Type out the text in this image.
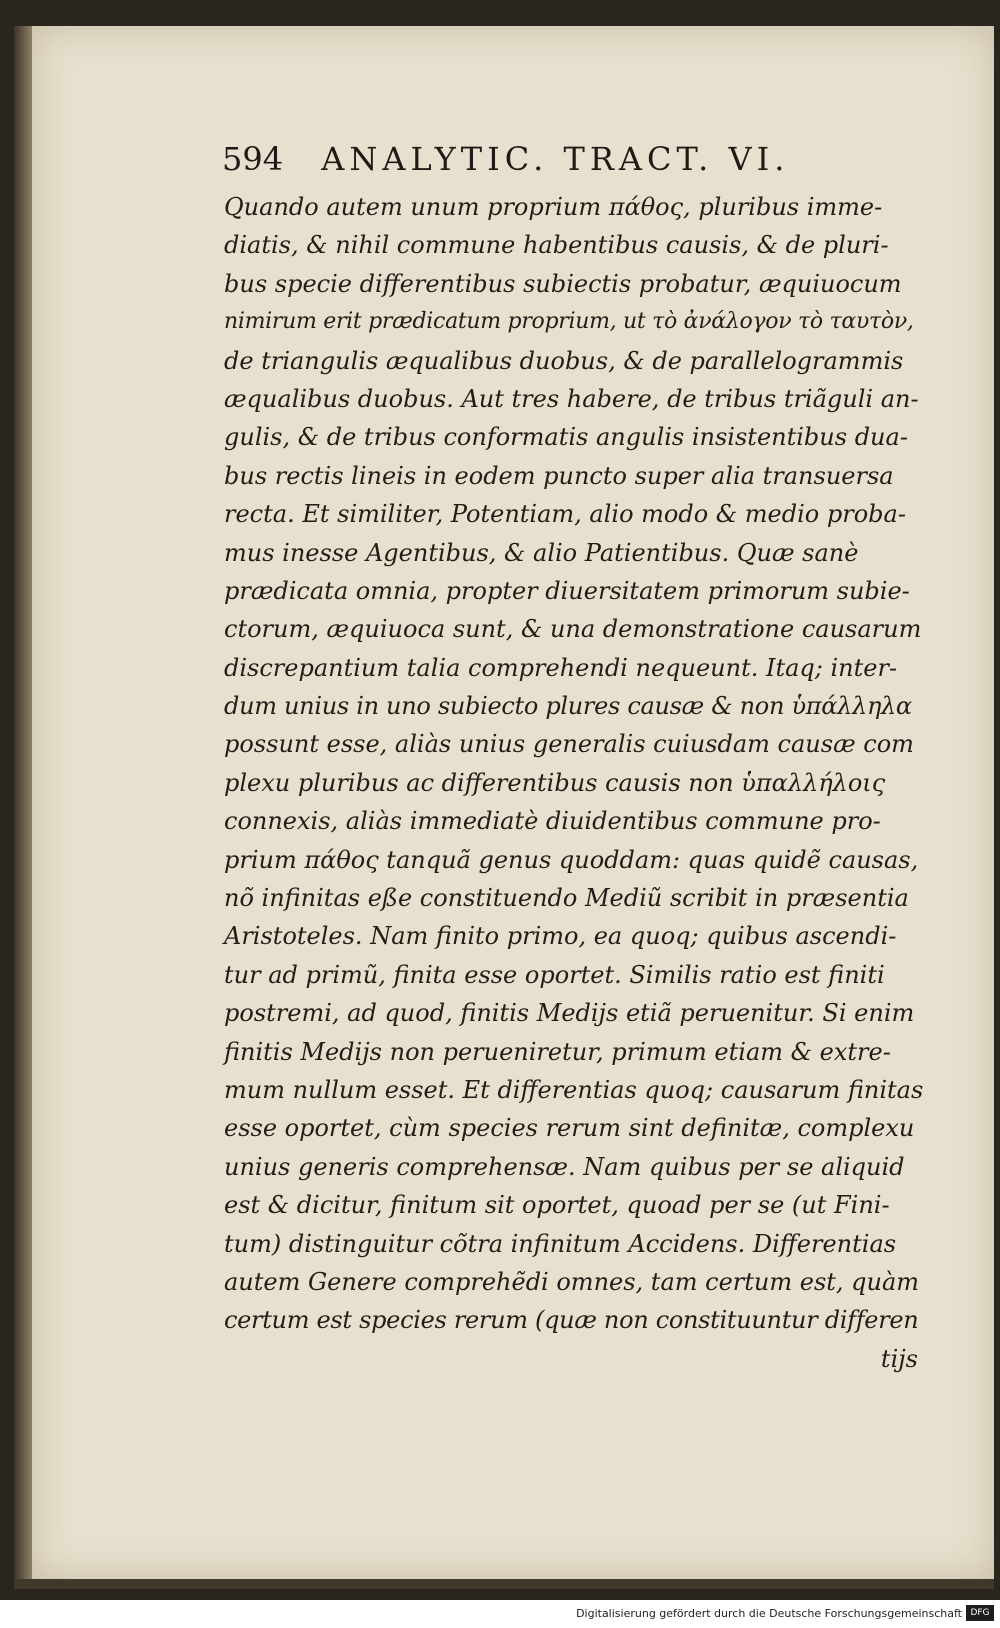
594 ANALYTIC. TRACT. VI.
Quando autem unum proprium πάθος, pluribus imme-
diatis, & nihil commune habentibus causis, & de pluri-
bus specie differentibus subiectis probatur, æquiuocum
nimirum erit prædicatum proprium, ut τὸ ἀνάλογον τὸ ταυτὸν,
de triangulis æqualibus duobus, & de parallelogrammis
æqualibus duobus. Aut tres habere, de tribus triãguli an-
gulis, & de tribus conformatis angulis insistentibus dua-
bus rectis lineis in eodem puncto super alia transuersa
recta. Et similiter, Potentiam, alio modo & medio proba-
mus inesse Agentibus, & alio Patientibus. Quæ sanè
prædicata omnia, propter diuersitatem primorum subie-
ctorum, æquiuoca sunt, & una demonstratione causarum
discrepantium talia comprehendi nequeunt. Itaq; inter-
dum unius in uno subiecto plures causæ & non ὑπάλληλα
possunt esse, aliàs unius generalis cuiusdam causæ com
plexu pluribus ac differentibus causis non ὑπαλλήλοις
connexis, aliàs immediatè diuidentibus commune pro-
prium πάθος tanquã genus quoddam: quas quidẽ causas,
nõ infinitas eße constituendo Mediũ scribit in præsentia
Aristoteles. Nam finito primo, ea quoq; quibus ascendi-
tur ad primũ, finita esse oportet. Similis ratio est finiti
postremi, ad quod, finitis Medijs etiã peruenitur. Si enim
finitis Medijs non perueniretur, primum etiam & extre-
mum nullum esset. Et differentias quoq; causarum finitas
esse oportet, cùm species rerum sint definitæ, complexu
unius generis comprehensæ. Nam quibus per se aliquid
est & dicitur, finitum sit oportet, quoad per se (ut Fini-
tum) distinguitur cõtra infinitum Accidens. Differentias
autem Genere comprehẽdi omnes, tam certum est, quàm
certum est species rerum (quæ non constituuntur differen
tijs
Digitalisierung gefördert durch die Deutsche Forschungsgemeinschaft DFG
